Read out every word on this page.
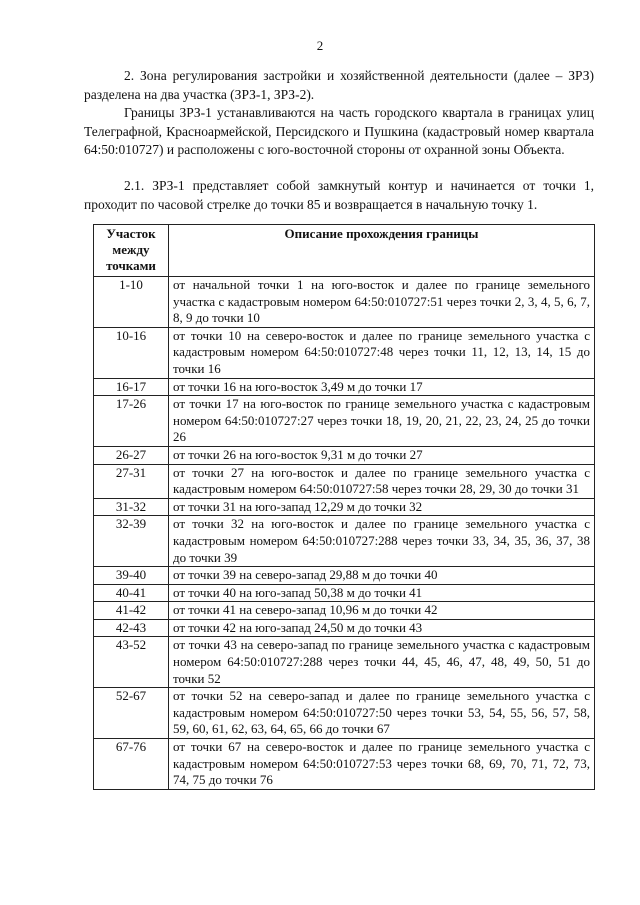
2

2. Зона регулирования застройки и хозяйственной деятельности (далее – ЗРЗ) разделена на два участка (ЗРЗ-1, ЗРЗ-2).

Границы ЗРЗ-1 устанавливаются на часть городского квартала в границах улиц Телеграфной, Красноармейской, Персидского и Пушкина (кадастровый номер квартала 64:50:010727) и расположены с юго-восточной стороны от охранной зоны Объекта.

2.1. ЗРЗ-1 представляет собой замкнутый контур и начинается от точки 1, проходит по часовой стрелке до точки 85 и возвращается в начальную точку 1.

Участок между точками	Описание прохождения границы
1-10	от начальной точки 1 на юго-восток и далее по границе земельного участка с кадастровым номером 64:50:010727:51 через точки 2, 3, 4, 5, 6, 7, 8, 9 до точки 10
10-16	от точки 10 на северо-восток и далее по границе земельного участка с кадастровым номером 64:50:010727:48 через точки 11, 12, 13, 14, 15 до точки 16
16-17	от точки 16 на юго-восток 3,49 м до точки 17
17-26	от точки 17 на юго-восток по границе земельного участка с кадастровым номером 64:50:010727:27 через точки 18, 19, 20, 21, 22, 23, 24, 25 до точки 26
26-27	от точки 26 на юго-восток 9,31 м до точки 27
27-31	от точки 27 на юго-восток и далее по границе земельного участка с кадастровым номером 64:50:010727:58 через точки 28, 29, 30 до точки 31
31-32	от точки 31 на юго-запад 12,29 м до точки 32
32-39	от точки 32 на юго-восток и далее по границе земельного участка с кадастровым номером 64:50:010727:288 через точки 33, 34, 35, 36, 37, 38 до точки 39
39-40	от точки 39 на северо-запад 29,88 м до точки 40
40-41	от точки 40 на юго-запад 50,38 м до точки 41
41-42	от точки 41 на северо-запад 10,96 м до точки 42
42-43	от точки 42 на юго-запад 24,50 м до точки 43
43-52	от точки 43 на северо-запад по границе земельного участка с кадастровым номером 64:50:010727:288 через точки 44, 45, 46, 47, 48, 49, 50, 51 до точки 52
52-67	от точки 52 на северо-запад и далее по границе земельного участка с кадастровым номером 64:50:010727:50 через точки 53, 54, 55, 56, 57, 58, 59, 60, 61, 62, 63, 64, 65, 66 до точки 67
67-76	от точки 67 на северо-восток и далее по границе земельного участка с кадастровым номером 64:50:010727:53 через точки 68, 69, 70, 71, 72, 73, 74, 75 до точки 76
